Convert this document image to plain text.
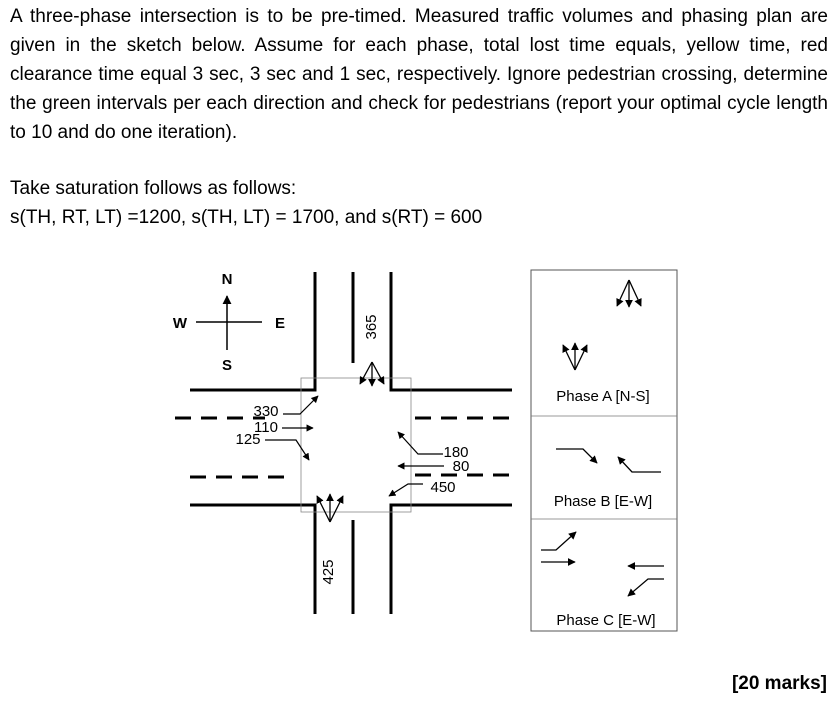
A three-phase intersection is to be pre-timed. Measured traffic volumes and phasing plan are given in the sketch below. Assume for each phase, total lost time equals, yellow time, red clearance time equal 3 sec, 3 sec and 1 sec, respectively. Ignore pedestrian crossing, determine the green intervals per each direction and check for pedestrians (report your optimal cycle length to 10 and do one iteration).

Take saturation follows as follows:
s(TH, RT, LT) =1200, s(TH, LT) = 1700, and s(RT) = 600
[20 marks]
N
S
W	E	365
425
330
110
125
180
80
450
Phase A [N-S]
Phase B [E-W]
Phase C [E-W]
